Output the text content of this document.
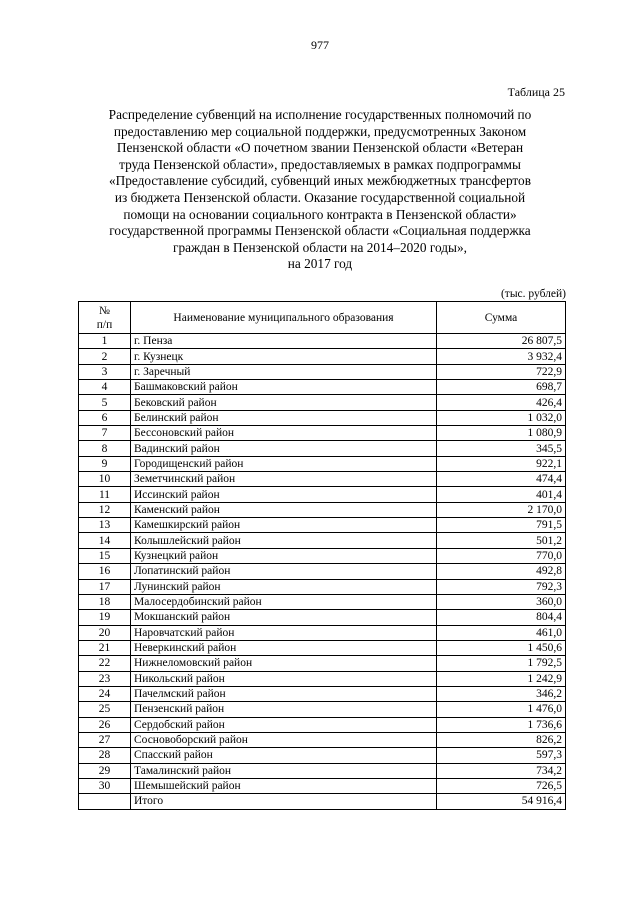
977
Таблица 25
Распределение субвенций на исполнение государственных полномочий по
предоставлению мер социальной поддержки, предусмотренных Законом
Пензенской области «О почетном звании Пензенской области «Ветеран
труда Пензенской области», предоставляемых в рамках подпрограммы
«Предоставление субсидий, субвенций иных межбюджетных трансфертов
из бюджета Пензенской области. Оказание государственной социальной
помощи на основании социального контракта в Пензенской области»
государственной программы Пензенской области «Социальная поддержка
граждан в Пензенской области на 2014–2020 годы»,
на 2017 год
(тыс. рублей)
№
п/п	Наименование муниципального образования	Сумма
1	г. Пенза	26 807,5
2	г. Кузнецк	3 932,4
3	г. Заречный	722,9
4	Башмаковский район	698,7
5	Бековский район	426,4
6	Белинский район	1 032,0
7	Бессоновский район	1 080,9
8	Вадинский район	345,5
9	Городищенский район	922,1
10	Земетчинский район	474,4
11	Иссинский район	401,4
12	Каменский район	2 170,0
13	Камешкирский район	791,5
14	Колышлейский район	501,2
15	Кузнецкий район	770,0
16	Лопатинский район	492,8
17	Лунинский район	792,3
18	Малосердобинский район	360,0
19	Мокшанский район	804,4
20	Наровчатский район	461,0
21	Неверкинский район	1 450,6
22	Нижнеломовский район	1 792,5
23	Никольский район	1 242,9
24	Пачелмский район	346,2
25	Пензенский район	1 476,0
26	Сердобский район	1 736,6
27	Сосновоборский район	826,2
28	Спасский район	597,3
29	Тамалинский район	734,2
30	Шемышейский район	726,5
	Итого	54 916,4
